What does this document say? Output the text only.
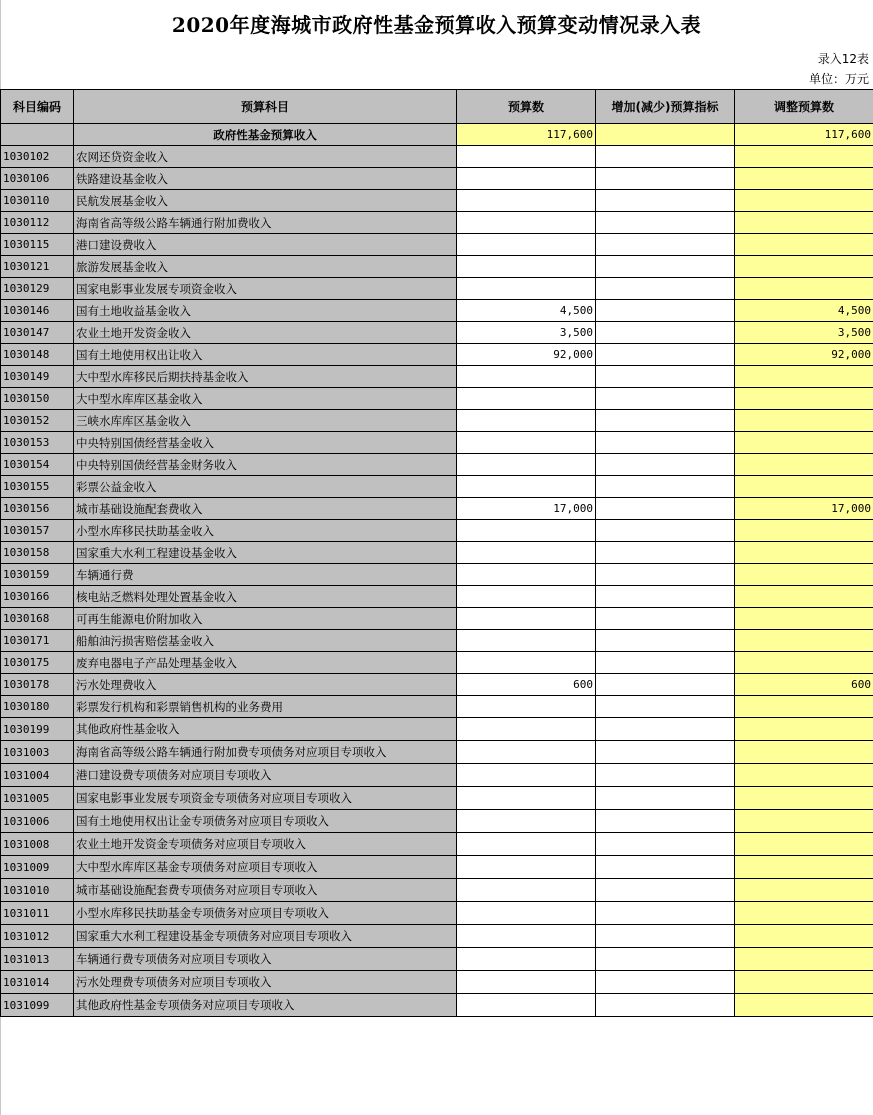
2020年度海城市政府性基金预算收入预算变动情况录入表
录入12表
单位：万元
科目编码	预算科目	预算数	增加(减少)预算指标	调整预算数
	政府性基金预算收入	117,600		117,600
1030102	农网还贷资金收入			
1030106	铁路建设基金收入			
1030110	民航发展基金收入			
1030112	海南省高等级公路车辆通行附加费收入			
1030115	港口建设费收入			
1030121	旅游发展基金收入			
1030129	国家电影事业发展专项资金收入			
1030146	国有土地收益基金收入	4,500		4,500
1030147	农业土地开发资金收入	3,500		3,500
1030148	国有土地使用权出让收入	92,000		92,000
1030149	大中型水库移民后期扶持基金收入			
1030150	大中型水库库区基金收入			
1030152	三峡水库库区基金收入			
1030153	中央特别国债经营基金收入			
1030154	中央特别国债经营基金财务收入			
1030155	彩票公益金收入			
1030156	城市基础设施配套费收入	17,000		17,000
1030157	小型水库移民扶助基金收入			
1030158	国家重大水利工程建设基金收入			
1030159	车辆通行费			
1030166	核电站乏燃料处理处置基金收入			
1030168	可再生能源电价附加收入			
1030171	船舶油污损害赔偿基金收入			
1030175	废弃电器电子产品处理基金收入			
1030178	污水处理费收入	600		600
1030180	彩票发行机构和彩票销售机构的业务费用			
1030199	其他政府性基金收入			
1031003	海南省高等级公路车辆通行附加费专项债务对应项目专项收入			
1031004	港口建设费专项债务对应项目专项收入			
1031005	国家电影事业发展专项资金专项债务对应项目专项收入			
1031006	国有土地使用权出让金专项债务对应项目专项收入			
1031008	农业土地开发资金专项债务对应项目专项收入			
1031009	大中型水库库区基金专项债务对应项目专项收入			
1031010	城市基础设施配套费专项债务对应项目专项收入			
1031011	小型水库移民扶助基金专项债务对应项目专项收入			
1031012	国家重大水利工程建设基金专项债务对应项目专项收入			
1031013	车辆通行费专项债务对应项目专项收入			
1031014	污水处理费专项债务对应项目专项收入			
1031099	其他政府性基金专项债务对应项目专项收入			
